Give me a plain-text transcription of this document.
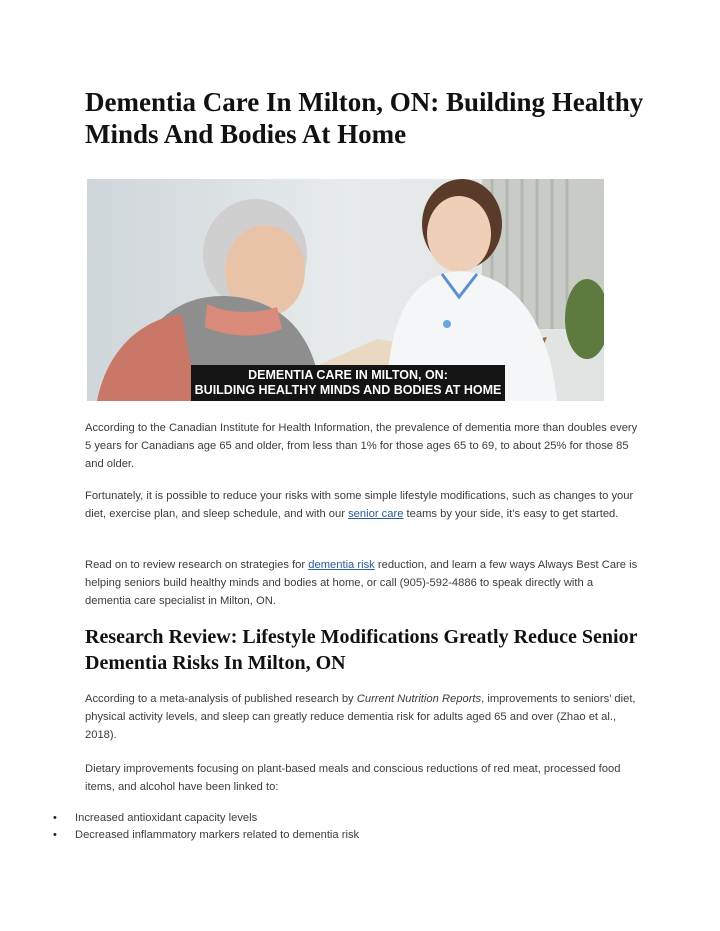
Dementia Care In Milton, ON: Building Healthy Minds And Bodies At Home
DEMENTIA CARE IN MILTON, ON:
BUILDING HEALTHY MINDS AND BODIES AT HOME

According to the Canadian Institute for Health Information, the prevalence of dementia more than doubles every 5 years for Canadians age 65 and older, from less than 1% for those ages 65 to 69, to about 25% for those 85 and older.

Fortunately, it is possible to reduce your risks with some simple lifestyle modifications, such as changes to your diet, exercise plan, and sleep schedule, and with our senior care teams by your side, it’s easy to get started.

Read on to review research on strategies for dementia risk reduction, and learn a few ways Always Best Care is helping seniors build healthy minds and bodies at home, or call (905)-592-4886 to speak directly with a dementia care specialist in Milton, ON.

Research Review: Lifestyle Modifications Greatly Reduce Senior Dementia Risks In Milton, ON

According to a meta-analysis of published research by Current Nutrition Reports, improvements to seniors’ diet, physical activity levels, and sleep can greatly reduce dementia risk for adults aged 65 and over (Zhao et al., 2018).

Dietary improvements focusing on plant-based meals and conscious reductions of red meat, processed food items, and alcohol have been linked to:

• Increased antioxidant capacity levels
• Decreased inflammatory markers related to dementia risk
